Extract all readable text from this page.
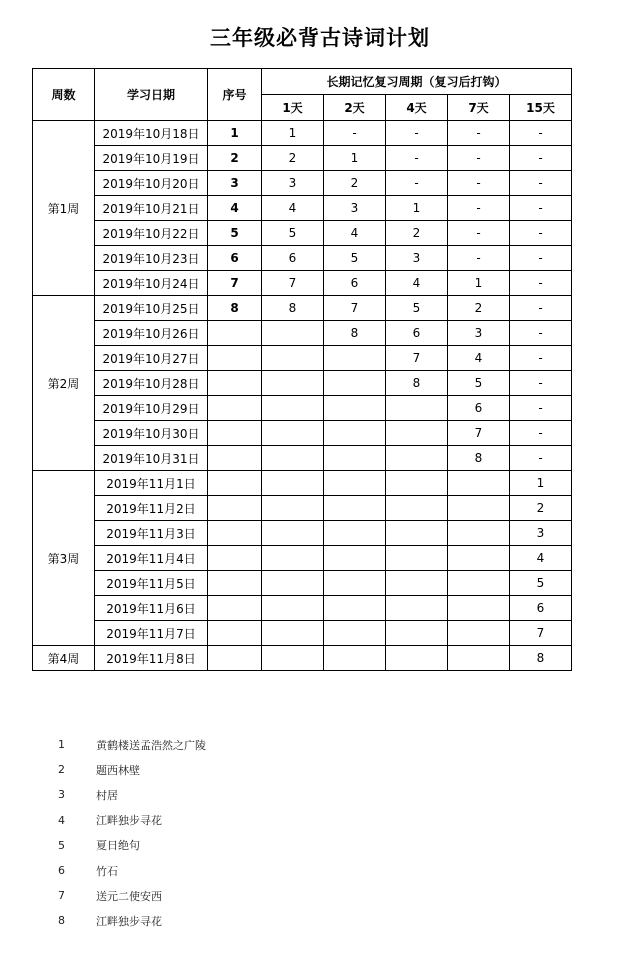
三年级必背古诗词计划
周数	学习日期	序号	长期记忆复习周期（复习后打钩）				
			1天	2天	4天	7天	15天
第1周	2019年10月18日	1	1	-	-	-	-
	2019年10月19日	2	2	1	-	-	-
	2019年10月20日	3	3	2	-	-	-
	2019年10月21日	4	4	3	1	-	-
	2019年10月22日	5	5	4	2	-	-
	2019年10月23日	6	6	5	3	-	-
	2019年10月24日	7	7	6	4	1	-
第2周	2019年10月25日	8	8	7	5	2	-
	2019年10月26日			8	6	3	-
	2019年10月27日				7	4	-
	2019年10月28日				8	5	-
	2019年10月29日					6	-
	2019年10月30日					7	-
	2019年10月31日					8	-
第3周	2019年11月1日						1
	2019年11月2日						2
	2019年11月3日						3
	2019年11月4日						4
	2019年11月5日						5
	2019年11月6日						6
	2019年11月7日						7
第4周	2019年11月8日						8
1	黄鹤楼送孟浩然之广陵
2	题西林壁
3	村居
4	江畔独步寻花
5	夏日绝句
6	竹石
7	送元二使安西
8	江畔独步寻花
